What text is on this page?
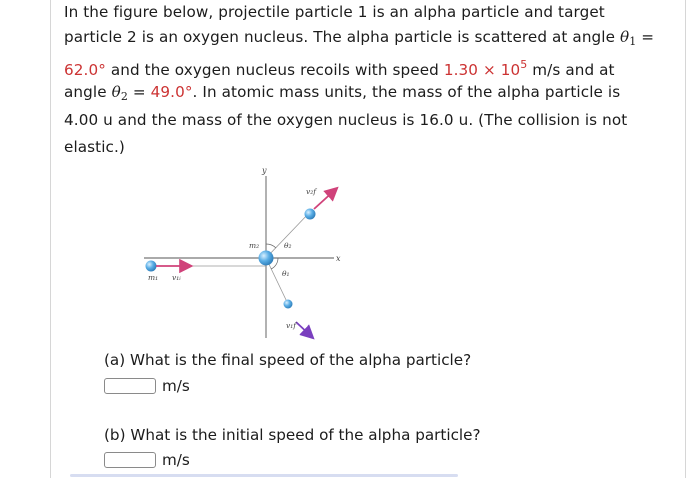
In the figure below, projectile particle 1 is an alpha particle and target
particle 2 is an oxygen nucleus. The alpha particle is scattered at angle $\theta_1$ =
62.0° and the oxygen nucleus recoils with speed $1.30 \times 10^5$ m/s and at
angle $\theta_2 = 49.0^\circ$. In atomic mass units, the mass of the alpha particle is
4.00 u and the mass of the oxygen nucleus is 16.0 u. (The collision is not
elastic.)
y
x
m₁ v₁ᵢ
m₂	θ₂
θ₁
v₂f
v₁f
(a) What is the final speed of the alpha particle?
m/s
(b) What is the initial speed of the alpha particle?
m/s
